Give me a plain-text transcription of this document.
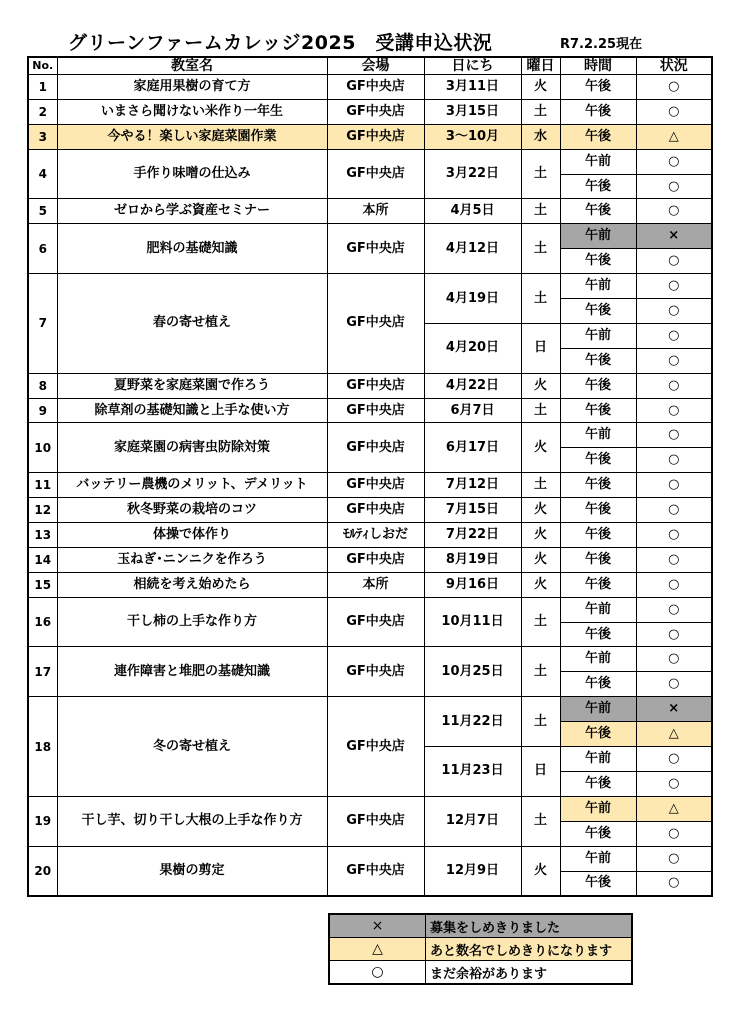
グリーンファームカレッジ2025　受講申込状況	R7.2.25現在
No.	教室名	会場	日にち	曜日	時間	状況
1	家庭用果樹の育て方	GF中央店	3月11日	火	午後	○
2	いまさら聞けない米作り一年生	GF中央店	3月15日	土	午後	○
3	今やる！楽しい家庭菜園作業	GF中央店	3～10月	水	午後	△
4	手作り味噌の仕込み	GF中央店	3月22日	土	午前	○
					午後	○
5	ゼロから学ぶ資産セミナー	本所	4月5日	土	午後	○
6	肥料の基礎知識	GF中央店	4月12日	土	午前	×
					午後	○
7	春の寄せ植え	GF中央店	4月19日	土	午前	○
					午後	○
			4月20日	日	午前	○
					午後	○
8	夏野菜を家庭菜園で作ろう	GF中央店	4月22日	火	午後	○
9	除草剤の基礎知識と上手な使い方	GF中央店	6月7日	土	午後	○
10	家庭菜園の病害虫防除対策	GF中央店	6月17日	火	午前	○
					午後	○
11	バッテリー農機のメリット、デメリット	GF中央店	7月12日	土	午後	○
12	秋冬野菜の栽培のコツ	GF中央店	7月15日	火	午後	○
13	体操で体作り	ﾓﾙﾃｨしおだ	7月22日	火	午後	○
14	玉ねぎ･ニンニクを作ろう	GF中央店	8月19日	火	午後	○
15	相続を考え始めたら	本所	9月16日	火	午後	○
16	干し柿の上手な作り方	GF中央店	10月11日	土	午前	○
					午後	○
17	連作障害と堆肥の基礎知識	GF中央店	10月25日	土	午前	○
					午後	○
18	冬の寄せ植え	GF中央店	11月22日	土	午前	×
					午後	△
			11月23日	日	午前	○
					午後	○
19	干し芋、切り干し大根の上手な作り方	GF中央店	12月7日	土	午前	△
					午後	○
20	果樹の剪定	GF中央店	12月9日	火	午前	○
					午後	○
×	募集をしめきりました
△	あと数名でしめきりになります
○	まだ余裕があります
